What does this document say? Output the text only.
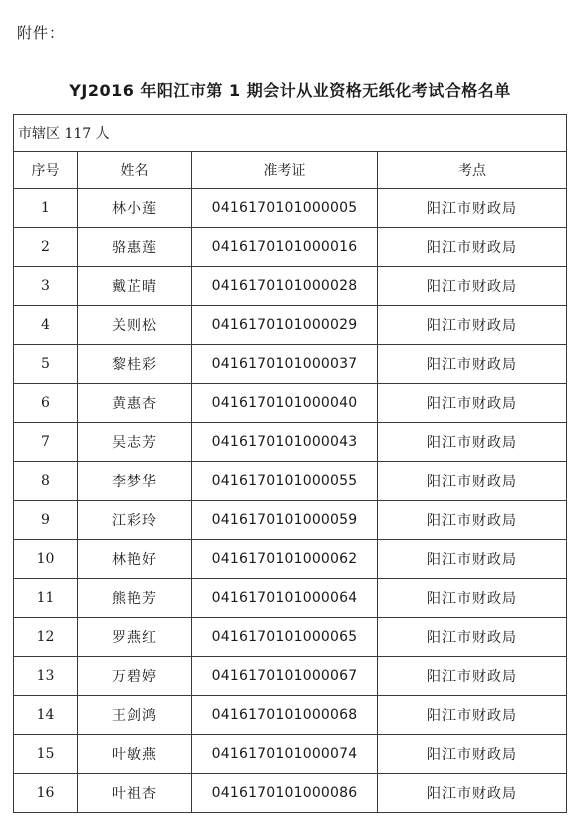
附件：
YJ2016 年阳江市第 1 期会计从业资格无纸化考试合格名单
市辖区 117 人			
序号	姓名	准考证	考点
1	林小莲	0416170101000005	阳江市财政局
2	骆惠莲	0416170101000016	阳江市财政局
3	戴芷晴	0416170101000028	阳江市财政局
4	关则松	0416170101000029	阳江市财政局
5	黎桂彩	0416170101000037	阳江市财政局
6	黄惠杏	0416170101000040	阳江市财政局
7	吴志芳	0416170101000043	阳江市财政局
8	李梦华	0416170101000055	阳江市财政局
9	江彩玲	0416170101000059	阳江市财政局
10	林艳好	0416170101000062	阳江市财政局
11	熊艳芳	0416170101000064	阳江市财政局
12	罗燕红	0416170101000065	阳江市财政局
13	万碧婷	0416170101000067	阳江市财政局
14	王剑鸿	0416170101000068	阳江市财政局
15	叶敏燕	0416170101000074	阳江市财政局
16	叶祖杏	0416170101000086	阳江市财政局
